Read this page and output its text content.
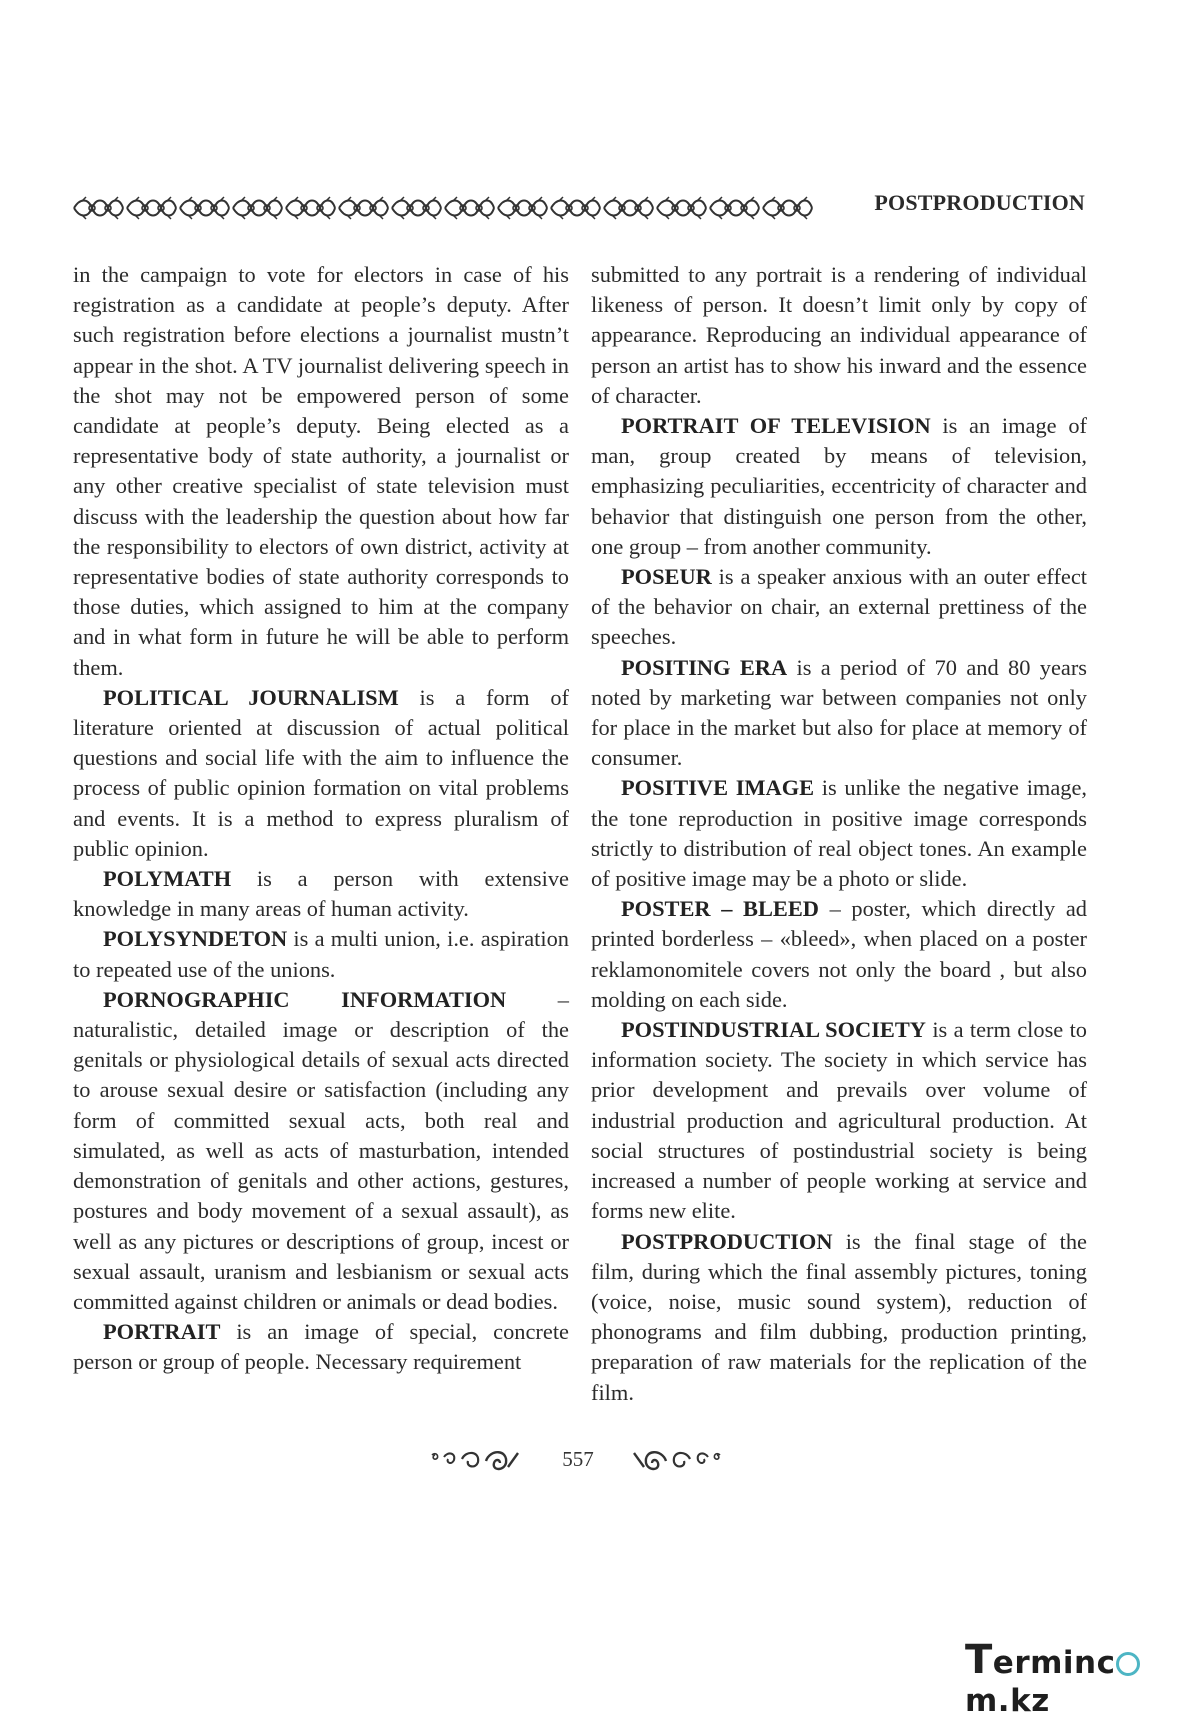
POSTPRODUCTION

in the campaign to vote for electors in case of his registration as a candidate at people’s deputy. After such registration before elections a journalist mustn’t appear in the shot. A TV journalist delivering speech in the shot may not be empowered person of some candidate at people’s deputy. Being elected as a representative body of state authority, a journalist or any other creative specialist of state television must discuss with the leadership the question about how far the responsibility to electors of own district, activity at representative bodies of state authority corresponds to those duties, which assigned to him at the company and in what form in future he will be able to perform them.

POLITICAL JOURNALISM is a form of literature oriented at discussion of actual political questions and social life with the aim to influence the process of public opinion formation on vital problems and events. It is a method to express pluralism of public opinion.

POLYMATH is a person with extensive knowledge in many areas of human activity.

POLYSYNDETON is a multi union, i.e. aspiration to repeated use of the unions.

PORNOGRAPHIC INFORMATION – naturalistic, detailed image or description of the genitals or physiological details of sexual acts directed to arouse sexual desire or satisfaction (including any form of committed sexual acts, both real and simulated, as well as acts of masturbation, intended demonstration of genitals and other actions, gestures, postures and body movement of a sexual assault), as well as any pictures or descriptions of group, incest or sexual assault, uranism and lesbianism or sexual acts committed against children or animals or dead bodies.

PORTRAIT is an image of special, concrete person or group of people. Necessary requirement

submitted to any portrait is a rendering of individual likeness of person. It doesn’t limit only by copy of appearance. Reproducing an individual appearance of person an artist has to show his inward and the essence of character.

PORTRAIT OF TELEVISION is an image of man, group created by means of television, emphasizing peculiarities, eccentricity of character and behavior that distinguish one person from the other, one group – from another community.

POSEUR is a speaker anxious with an outer effect of the behavior on chair, an external prettiness of the speeches.

POSITING ERA is a period of 70 and 80 years noted by marketing war between companies not only for place in the market but also for place at memory of consumer.

POSITIVE IMAGE is unlike the negative image, the tone reproduction in positive image corresponds strictly to distribution of real object tones. An example of positive image may be a photo or slide.

POSTER – BLEED – poster, which directly ad printed borderless – «bleed», when placed on a poster reklamonomitele covers not only the board , but also molding on each side.

POSTINDUSTRIAL SOCIETY is a term close to information society. The society in which service has prior development and prevails over volume of industrial production and agricultural production. At social structures of postindustrial society is being increased a number of people working at service and forms new elite.

POSTPRODUCTION is the final stage of the film, during which the final assembly pictures, toning (voice, noise, music sound system), reduction of phonograms and film dubbing, production printing, preparation of raw materials for the replication of the film.

557
Termincm.kz
